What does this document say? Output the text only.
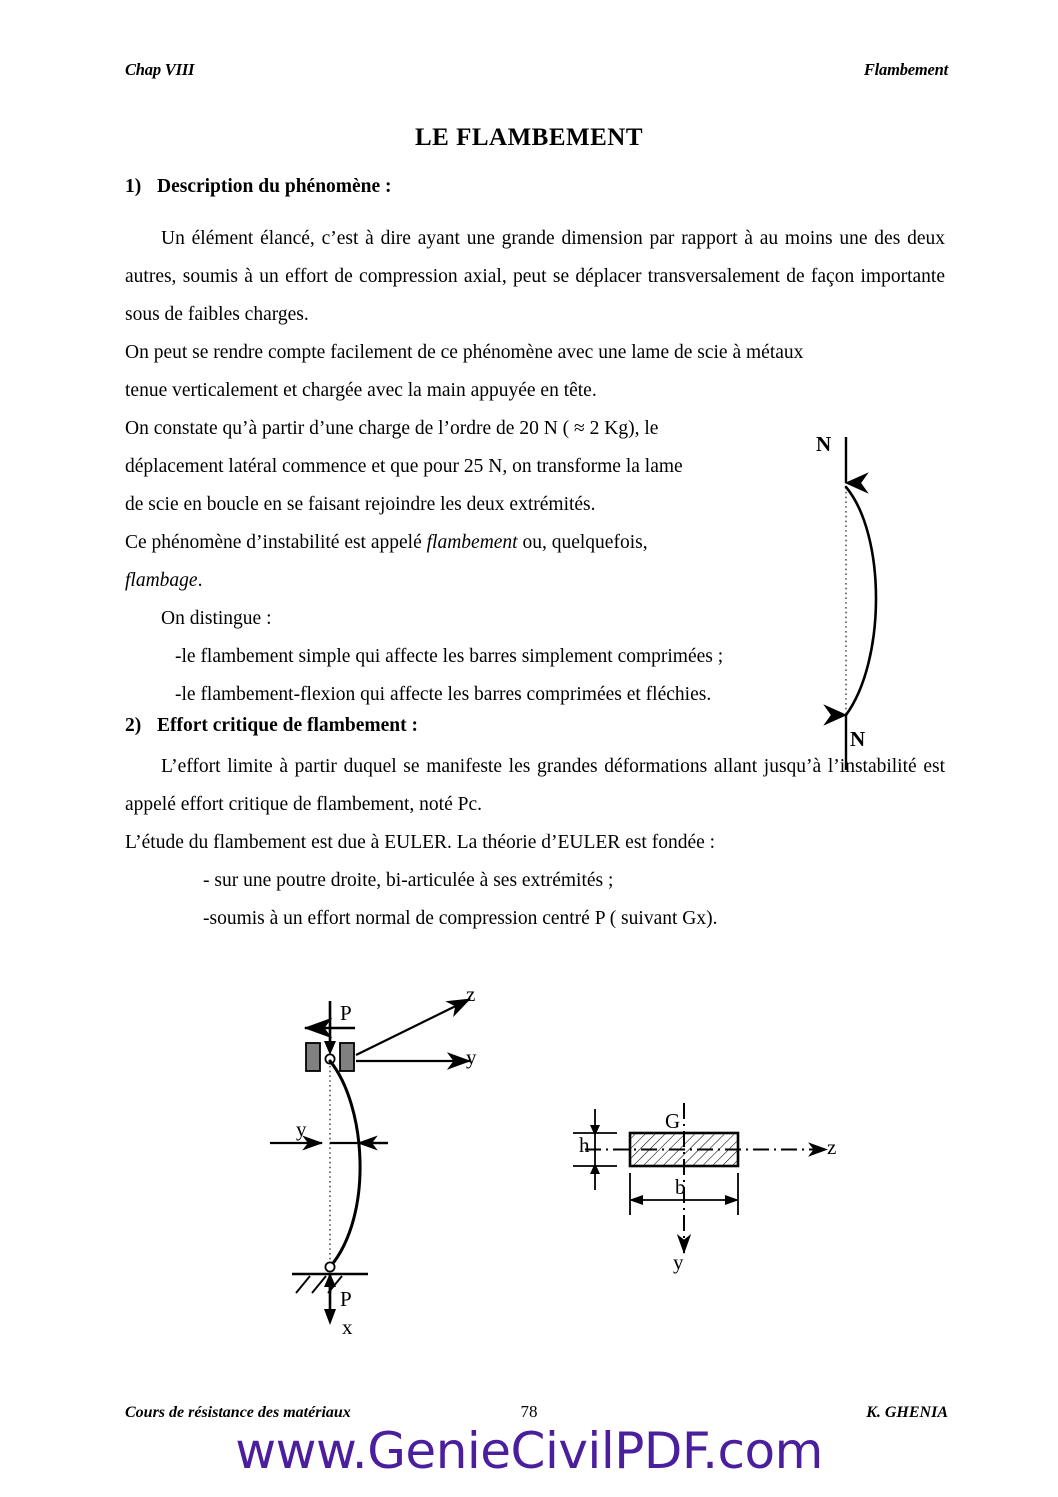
Chap VIII	Flambement
LE FLAMBEMENT
1) Description du phénomène :

Un élément élancé, c’est à dire ayant une grande dimension par rapport à au moins une des deux autres, soumis à un effort de compression axial, peut se déplacer transversalement de façon importante sous de faibles charges.

On peut se rendre compte facilement de ce phénomène avec une lame de scie à métaux

tenue verticalement et chargée avec la main appuyée en tête.

On constate qu’à partir d’une charge de l’ordre de 20 N ( ≈ 2 Kg), le

déplacement latéral commence et que pour 25 N, on transforme la lame

de scie en boucle en se faisant rejoindre les deux extrémités.

Ce phénomène d’instabilité est appelé flambement ou, quelquefois,

flambage.

On distingue :

-le flambement simple qui affecte les barres simplement comprimées ;

-le flambement-flexion qui affecte les barres comprimées et fléchies.

2) Effort critique de flambement :

L’effort limite à partir duquel se manifeste les grandes déformations allant jusqu’à l’instabilité est appelé effort critique de flambement, noté Pc.

L’étude du flambement est due à EULER. La théorie d’EULER est fondée :

- sur une poutre droite, bi-articulée à ses extrémités ;

-soumis à un effort normal de compression centré P ( suivant Gx).

N
N
P
z
y
y
P
x
G
h
b
z
y
Cours de résistance des matériaux	78	K. GHENIA
www.GenieCivilPDF.com
